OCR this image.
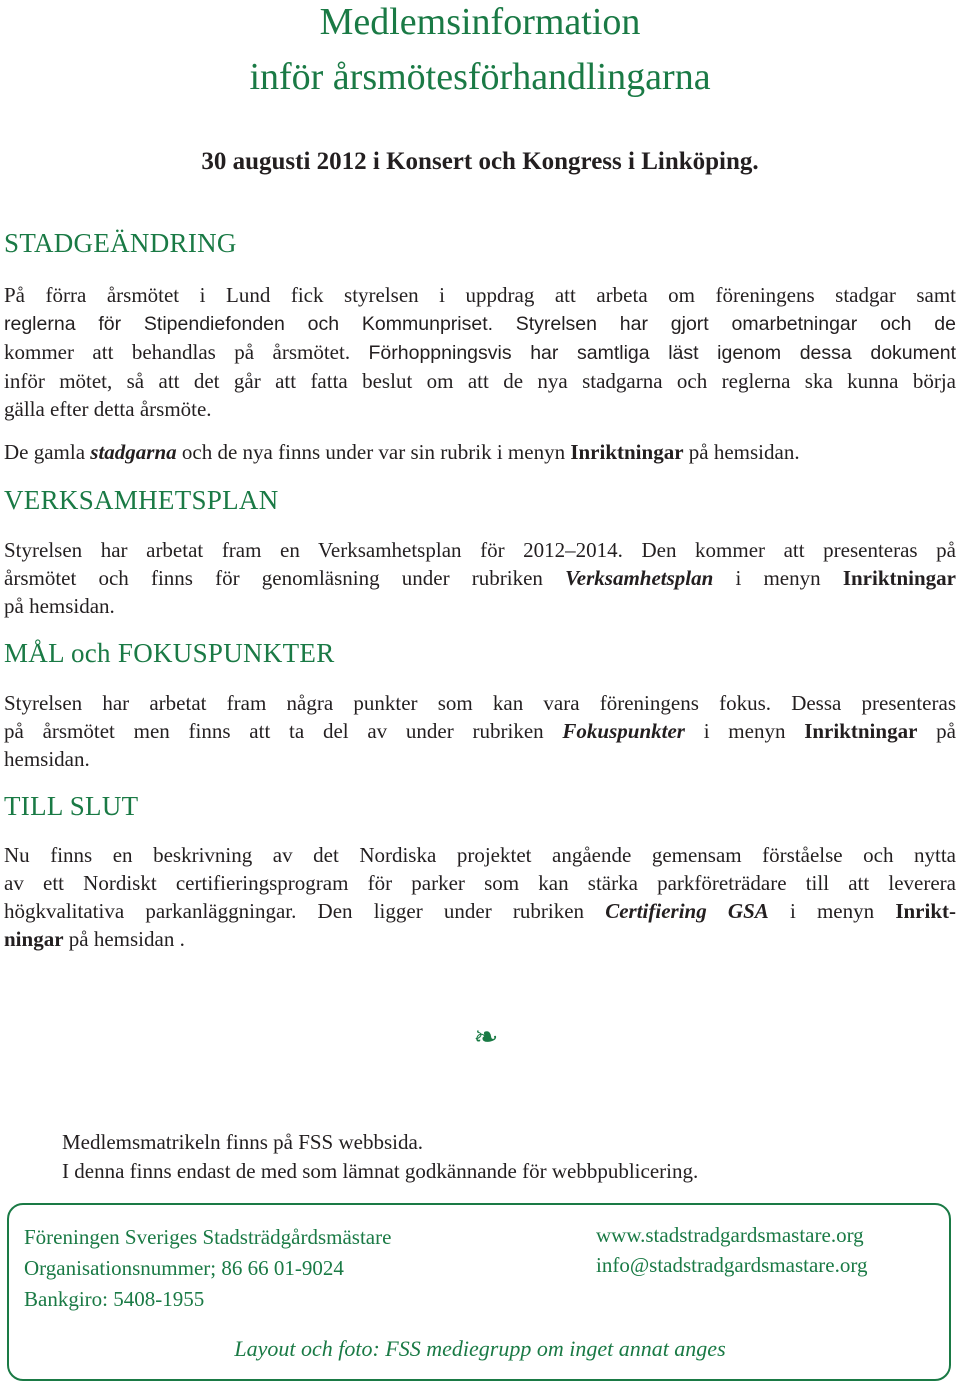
Medlemsinformation
inför årsmötesförhandlingarna
30 augusti 2012 i Konsert och Kongress i Linköping.
STADGEÄNDRING
På förra årsmötet i Lund fick styrelsen i uppdrag att arbeta om föreningens stadgar samt
reglerna för Stipendiefonden och Kommunpriset. Styrelsen har gjort omarbetningar och de
kommer att behandlas på årsmötet. Förhoppningsvis har samtliga läst igenom dessa dokument
inför mötet, så att det går att fatta beslut om att de nya stadgarna och reglerna ska kunna börja
gälla efter detta årsmöte.
De gamla stadgarna och de nya finns under var sin rubrik i menyn Inriktningar på hemsidan.
VERKSAMHETSPLAN
Styrelsen har arbetat fram en Verksamhetsplan för 2012–2014. Den kommer att presenteras på
årsmötet och finns för genomläsning under rubriken Verksamhetsplan i menyn Inriktningar
på hemsidan.
MÅL och FOKUSPUNKTER
Styrelsen har arbetat fram några punkter som kan vara föreningens fokus. Dessa presenteras
på årsmötet men finns att ta del av under rubriken Fokuspunkter i menyn Inriktningar på
hemsidan.
TILL SLUT
Nu finns en beskrivning av det Nordiska projektet angående gemensam förståelse och nytta
av ett Nordiskt certifieringsprogram för parker som kan stärka parkföreträdare till att leverera
högkvalitativa parkanläggningar. Den ligger under rubriken Certifiering GSA i menyn Inrikt-
ningar på hemsidan .
❧
Medlemsmatrikeln finns på FSS webbsida.
I denna finns endast de med som lämnat godkännande för webbpublicering.
Föreningen Sveriges Stadsträdgårdsmästare
Organisationsnummer; 86 66 01-9024
Bankgiro: 5408-1955
www.stadstradgardsmastare.org
info@stadstradgardsmastare.org
Layout och foto: FSS mediegrupp om inget annat anges
